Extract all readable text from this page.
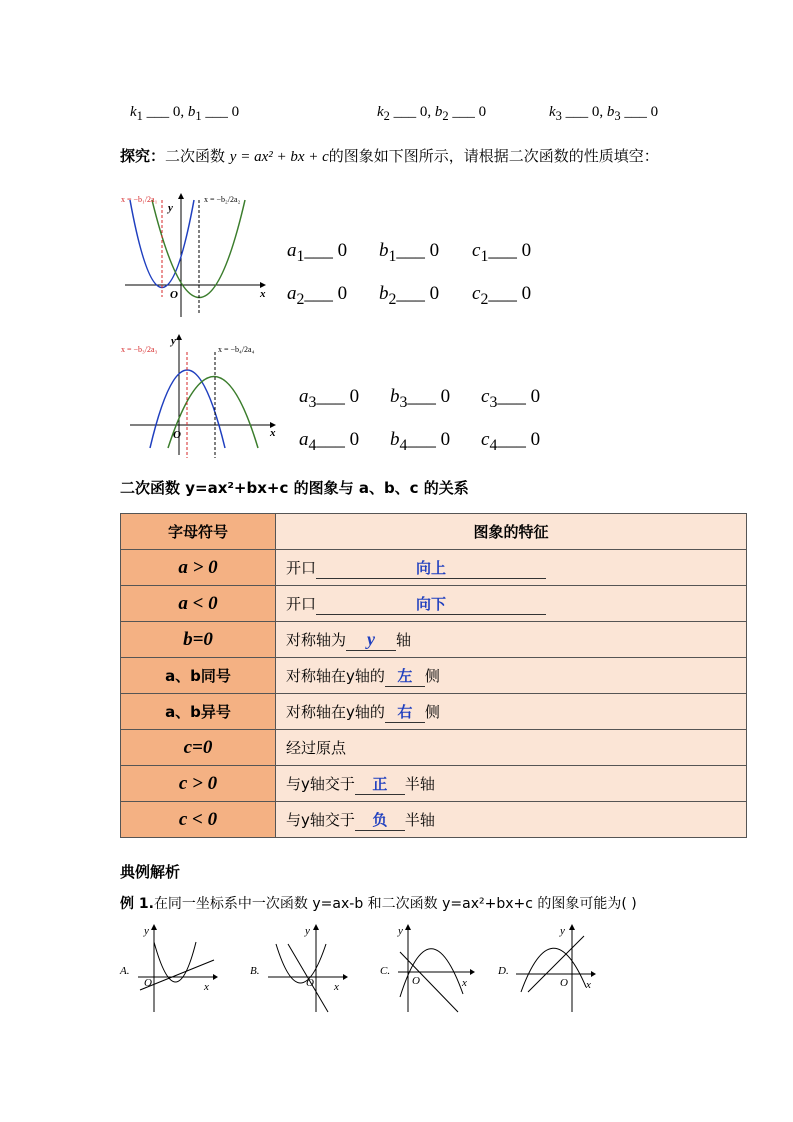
$k_1$ ___ 0, $b_1$ ___ 0	$k_2$ ___ 0, $b_2$ ___ 0	$k_3$ ___ 0, $b_3$ ___ 0
探究：二次函数 y = ax² + bx + c的图象如下图所示，请根据二次函数的性质填空：
x = −b₁/2a₁	x = −b₂/2a₂
y
x
O
$a_1\_\_\_$ 0 $b_1\_\_\_$ 0 $c_1\_\_\_$ 0
$a_2\_\_\_$ 0 $b_2\_\_\_$ 0 $c_2\_\_\_$ 0
x = −b₃/2a₃	x = −b₄/2a₄
y
x
O
$a_3\_\_\_$ 0 $b_3\_\_\_$ 0 $c_3\_\_\_$ 0
$a_4\_\_\_$ 0 $b_4\_\_\_$ 0 $c_4\_\_\_$ 0
二次函数 y=ax²+bx+c 的图象与 a、b、c 的关系
字母符号	图象的特征
a > 0	开口 向上
a < 0	开口 向下
b=0	对称轴为 y 轴
a、b同号	对称轴在y轴的 左 侧
a、b异号	对称轴在y轴的 右 侧
c=0	经过原点
c > 0	与y轴交于 正 半轴
c < 0	与y轴交于 负 半轴
典例解析
例 1.在同一坐标系中一次函数 y=ax-b 和二次函数 y=ax²+bx+c 的图象可能为( )
A.
y
x
O
B.
y
x
O
C.
y
x
O
D.
y
x
O
